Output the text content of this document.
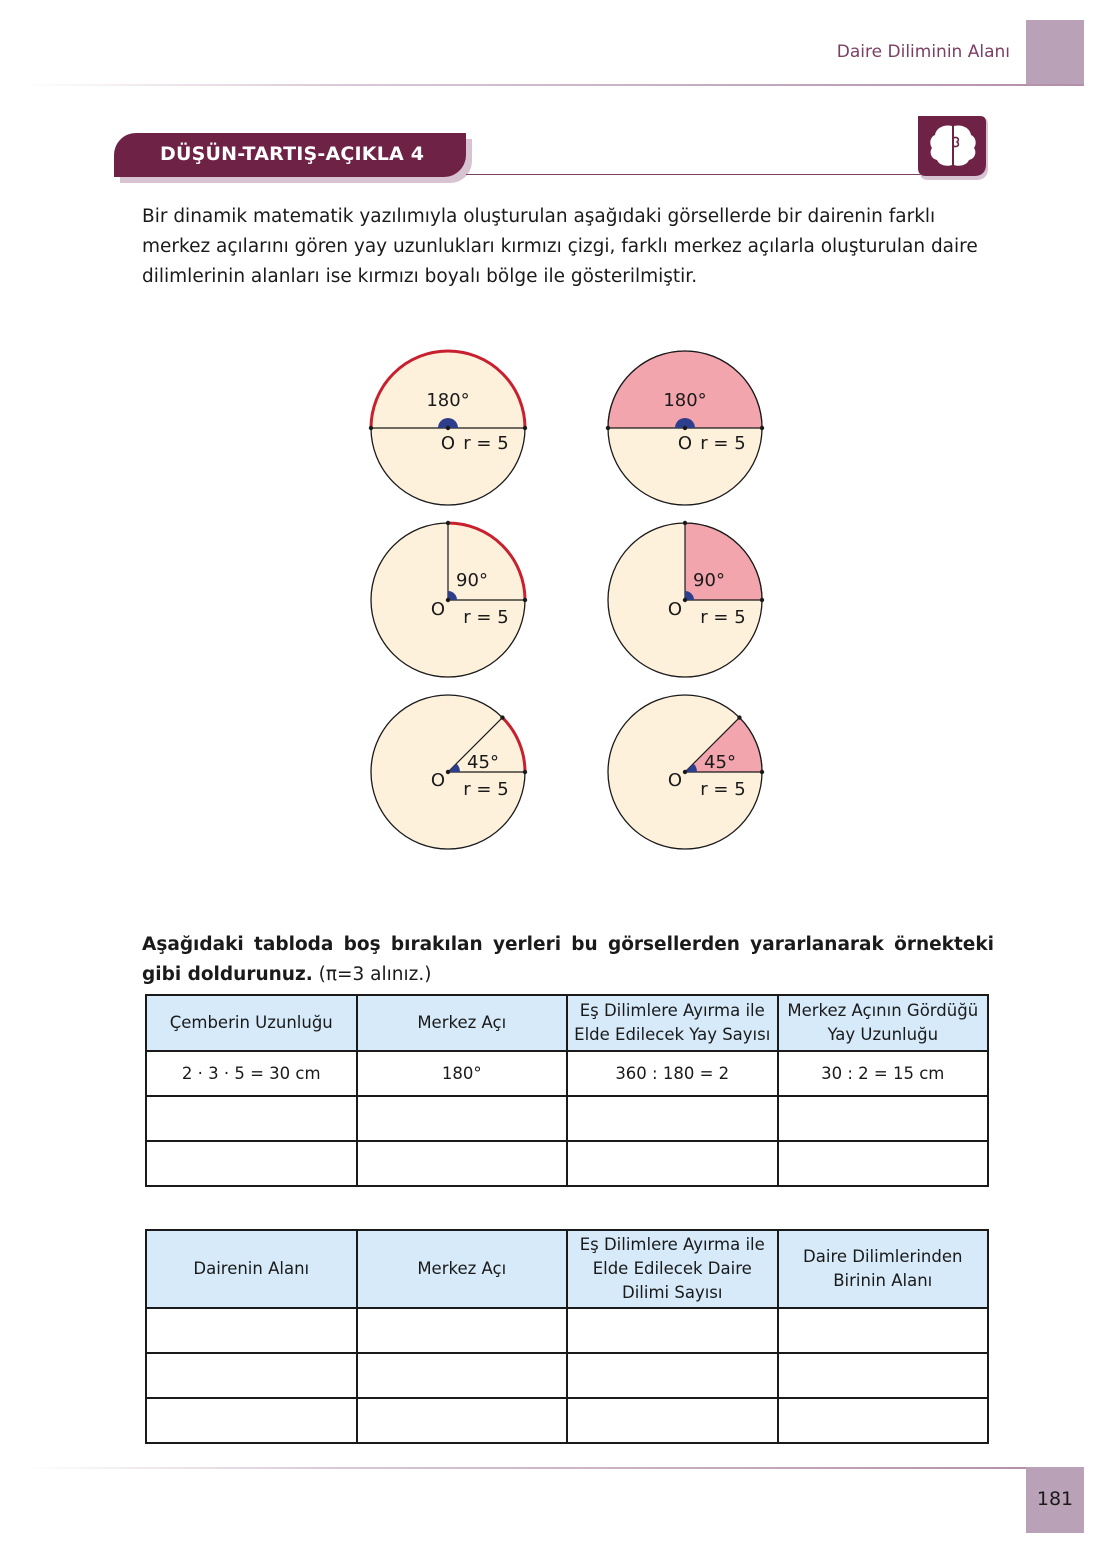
Daire Diliminin Alanı
DÜŞÜN-TARTIŞ-AÇIKLA 4
Bir dinamik matematik yazılımıyla oluşturulan aşağıdaki görsellerde bir dairenin farklı merkez açılarını gören yay uzunlukları kırmızı çizgi, farklı merkez açılarla oluşturulan daire dilimlerinin alanları ise kırmızı boyalı bölge ile gösterilmiştir.
180°
O r = 5
180°
O r = 5
90°
O r = 5
90°
O r = 5
45°
O r = 5
45°
O r = 5
Aşağıdaki tabloda boş bırakılan yerleri bu görsellerden yararlanarak örnekteki gibi doldurunuz. (π=3 alınız.)
Çemberin Uzunluğu	Merkez Açı	Eş Dilimlere Ayırma ile Elde Edilecek Yay Sayısı	Merkez Açının Gördüğü Yay Uzunluğu
2 · 3 · 5 = 30 cm	180°	360 : 180 = 2	30 : 2 = 15 cm

Dairenin Alanı	Merkez Açı	Eş Dilimlere Ayırma ile Elde Edilecek Daire Dilimi Sayısı	Daire Dilimlerinden Birinin Alanı

181
